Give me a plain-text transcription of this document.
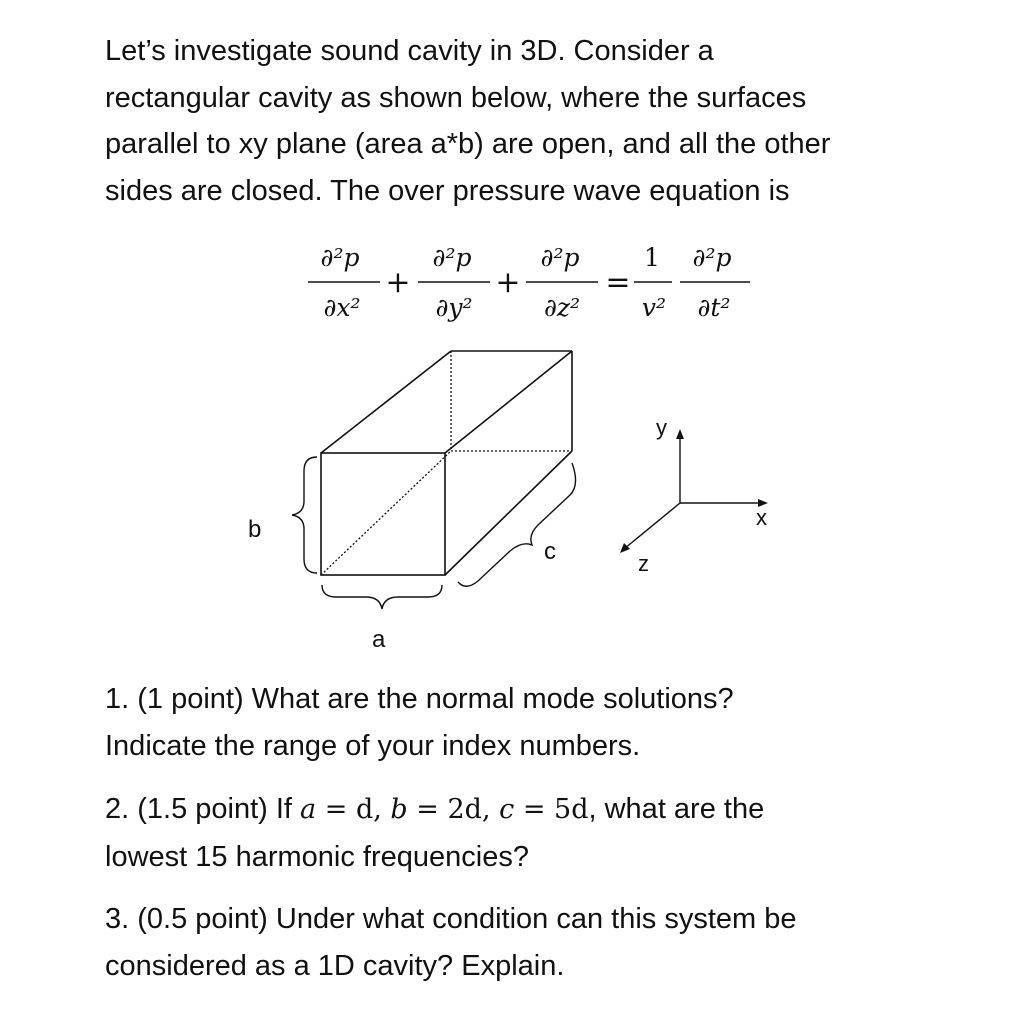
Let’s investigate sound cavity in 3D. Consider a
rectangular cavity as shown below, where the surfaces
parallel to xy plane (area a*b) are open, and all the other
sides are closed. The over pressure wave equation is

∂²p
∂x²
+
∂²p
∂y²
+
∂²p
∂z²
=
1
v²
∂²p
∂t²
b
a
c
y
x
z

1. (1 point) What are the normal mode solutions?
Indicate the range of your index numbers.

2. (1.5 point) If a = d, b = 2d, c = 5d, what are the
lowest 15 harmonic frequencies?

3. (0.5 point) Under what condition can this system be
considered as a 1D cavity? Explain.
